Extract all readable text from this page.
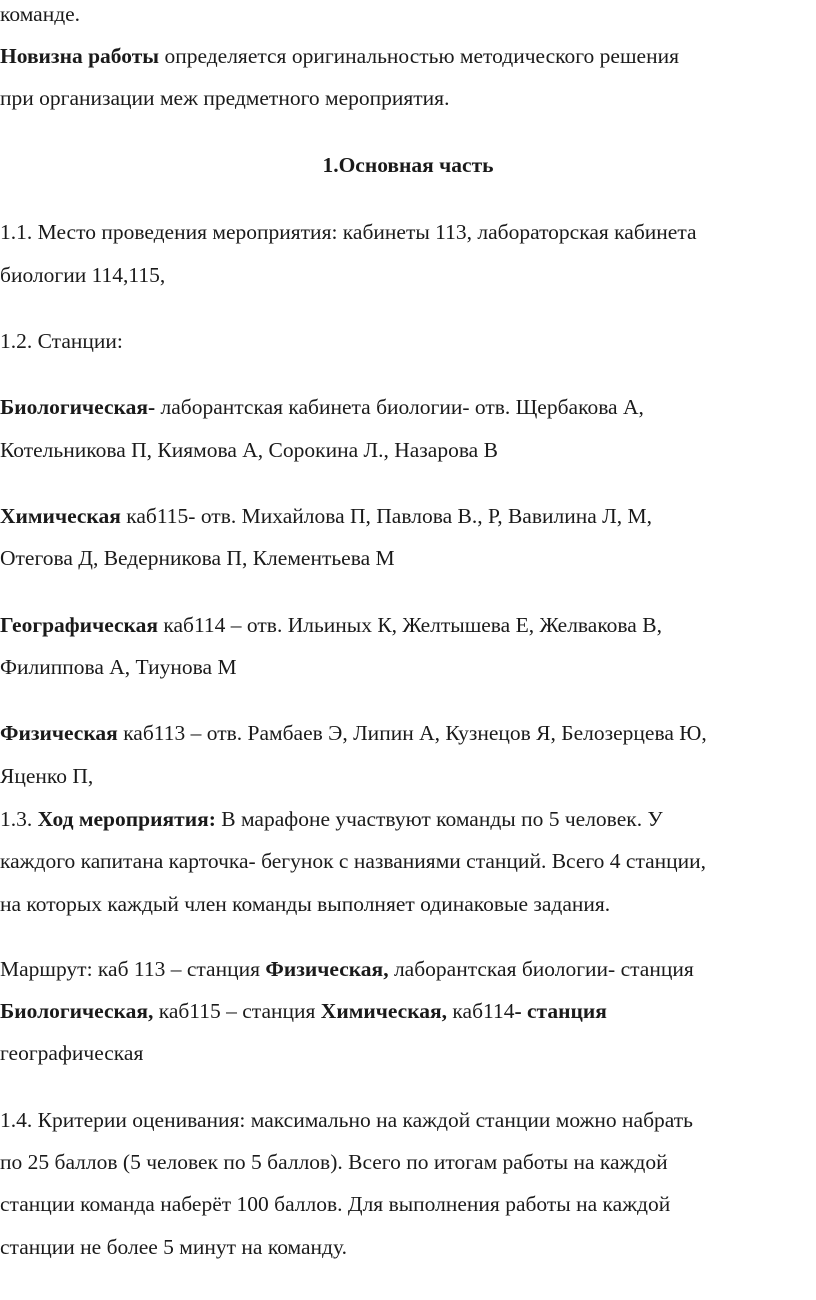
команде.
Новизна работы определяется оригинальностью методического решения
при организации меж предметного мероприятия.
1.Основная часть
1.1. Место проведения мероприятия: кабинеты 113, лабораторская кабинета
биологии 114,115,
1.2. Станции:
Биологическая- лаборантская кабинета биологии- отв. Щербакова А,
Котельникова П, Киямова А, Сорокина Л., Назарова В
Химическая каб115- отв. Михайлова П, Павлова В., Р, Вавилина Л, М,
Отегова Д, Ведерникова П, Клементьева М
Географическая каб114 – отв. Ильиных К, Желтышева Е, Желвакова В,
Филиппова А, Тиунова М
Физическая каб113 – отв. Рамбаев Э, Липин А, Кузнецов Я, Белозерцева Ю,
Яценко П,
1.3. Ход мероприятия: В марафоне участвуют команды по 5 человек. У
каждого капитана карточка- бегунок с названиями станций. Всего 4 станции,
на которых каждый член команды выполняет одинаковые задания.
Маршрут: каб 113 – станция Физическая, лаборантская биологии- станция
Биологическая, каб115 – станция Химическая, каб114- станция
географическая
1.4. Критерии оценивания: максимально на каждой станции можно набрать
по 25 баллов (5 человек по 5 баллов). Всего по итогам работы на каждой
станции команда наберёт 100 баллов. Для выполнения работы на каждой
станции не более 5 минут на команду.
